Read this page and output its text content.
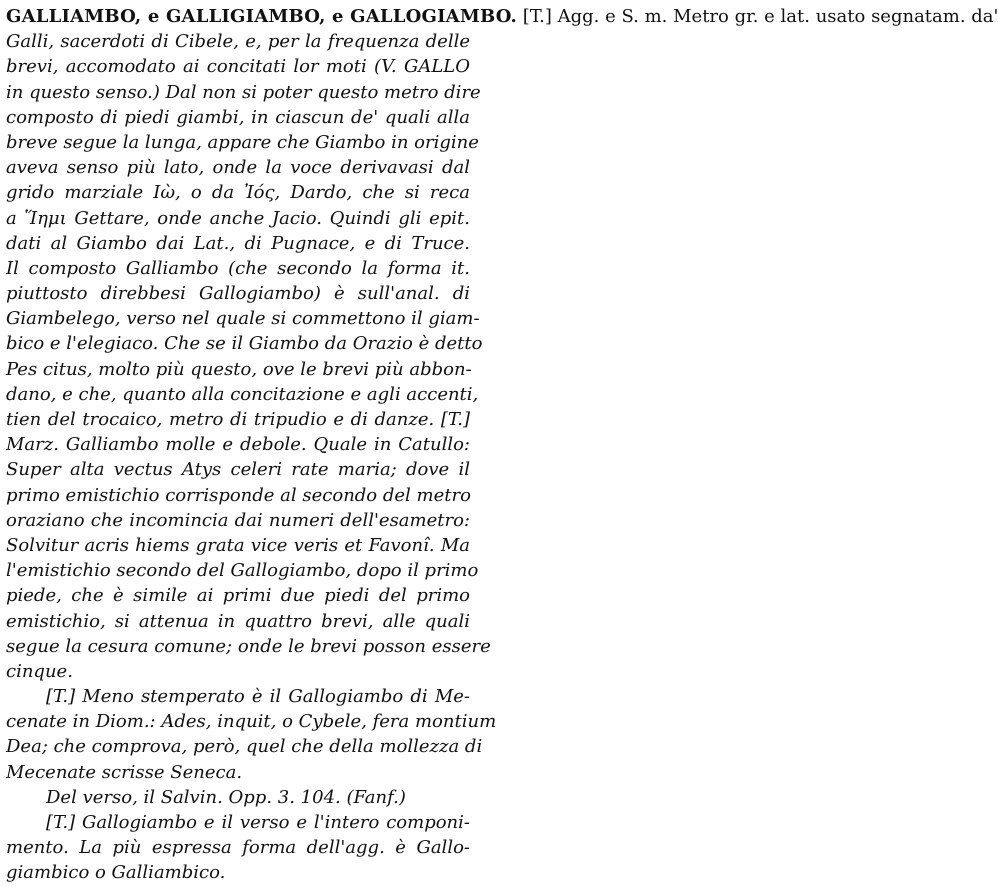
GALLIAMBO, e GALLIGIAMBO, e GALLOGIAMBO. [T.] Agg. e S. m. Metro gr. e lat. usato segnatam. da'
Galli, sacerdoti di Cibele, e, per la frequenza delle
brevi, accomodato ai concitati lor moti (V. GALLO
in questo senso.) Dal non si poter questo metro dire
composto di piedi giambi, in ciascun de' quali alla
breve segue la lunga, appare che Giambo in origine
aveva senso più lato, onde la voce derivavasi dal
grido marziale Iὼ, o da Ἰός, Dardo, che si reca
a Ἵημι Gettare, onde anche Jacio. Quindi gli epit.
dati al Giambo dai Lat., di Pugnace, e di Truce.
Il composto Galliambo (che secondo la forma it.
piuttosto direbbesi Gallogiambo) è sull'anal. di
Giambelego, verso nel quale si commettono il giam-
bico e l'elegiaco. Che se il Giambo da Orazio è detto
Pes citus, molto più questo, ove le brevi più abbon-
dano, e che, quanto alla concitazione e agli accenti,
tien del trocaico, metro di tripudio e di danze. [T.]
Marz. Galliambo molle e debole. Quale in Catullo:
Super alta vectus Atys celeri rate maria; dove il
primo emistichio corrisponde al secondo del metro
oraziano che incomincia dai numeri dell'esametro:
Solvitur acris hiems grata vice veris et Favonî. Ma
l'emistichio secondo del Gallogiambo, dopo il primo
piede, che è simile ai primi due piedi del primo
emistichio, si attenua in quattro brevi, alle quali
segue la cesura comune; onde le brevi posson essere
cinque.
[T.] Meno stemperato è il Gallogiambo di Me-
cenate in Diom.: Ades, inquit, o Cybele, fera montium
Dea; che comprova, però, quel che della mollezza di
Mecenate scrisse Seneca.
Del verso, il Salvin. Opp. 3. 104. (Fanf.)
[T.] Gallogiambo e il verso e l'intero componi-
mento. La più espressa forma dell'agg. è Gallo-
giambico o Galliambico.
